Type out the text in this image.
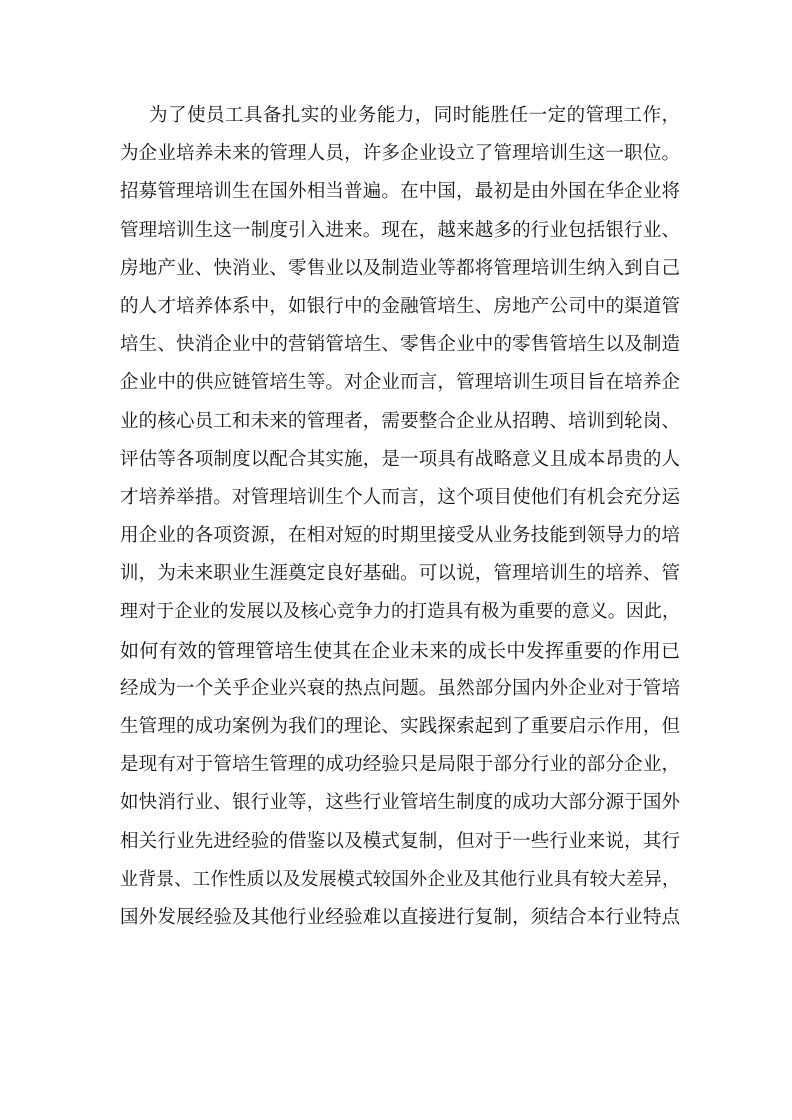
为了使员工具备扎实的业务能力，同时能胜任一定的管理工作，
为企业培养未来的管理人员，许多企业设立了管理培训生这一职位。
招募管理培训生在国外相当普遍。在中国，最初是由外国在华企业将
管理培训生这一制度引入进来。现在，越来越多的行业包括银行业、
房地产业、快消业、零售业以及制造业等都将管理培训生纳入到自己
的人才培养体系中，如银行中的金融管培生、房地产公司中的渠道管
培生、快消企业中的营销管培生、零售企业中的零售管培生以及制造
企业中的供应链管培生等。对企业而言，管理培训生项目旨在培养企
业的核心员工和未来的管理者，需要整合企业从招聘、培训到轮岗、
评估等各项制度以配合其实施，是一项具有战略意义且成本昂贵的人
才培养举措。对管理培训生个人而言，这个项目使他们有机会充分运
用企业的各项资源，在相对短的时期里接受从业务技能到领导力的培
训，为未来职业生涯奠定良好基础。可以说，管理培训生的培养、管
理对于企业的发展以及核心竞争力的打造具有极为重要的意义。因此，
如何有效的管理管培生使其在企业未来的成长中发挥重要的作用已
经成为一个关乎企业兴衰的热点问题。虽然部分国内外企业对于管培
生管理的成功案例为我们的理论、实践探索起到了重要启示作用，但
是现有对于管培生管理的成功经验只是局限于部分行业的部分企业，
如快消行业、银行业等，这些行业管培生制度的成功大部分源于国外
相关行业先进经验的借鉴以及模式复制，但对于一些行业来说，其行
业背景、工作性质以及发展模式较国外企业及其他行业具有较大差异，
国外发展经验及其他行业经验难以直接进行复制，须结合本行业特点
